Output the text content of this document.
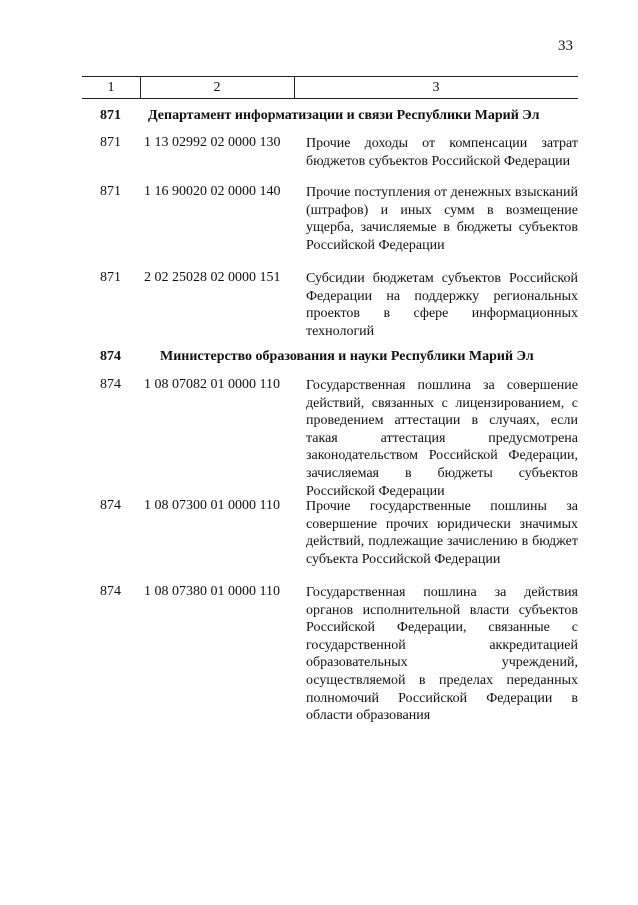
33
1	2	3
871 Департамент информатизации и связи Республики Марий Эл
871 1 13 02992 02 0000 130 Прочие доходы от компенсации затрат бюджетов субъектов Российской Федерации
871 1 16 90020 02 0000 140 Прочие поступления от денежных взысканий (штрафов) и иных сумм в возмещение ущерба, зачисляемые в бюджеты субъектов Российской Федерации
871 2 02 25028 02 0000 151 Субсидии бюджетам субъектов Российской Федерации на поддержку региональных проектов в сфере информационных технологий
874	Министерство образования и науки Республики Марий Эл
874 1 08 07082 01 0000 110 Государственная пошлина за совершение действий, связанных с лицензированием, с проведением аттестации в случаях, если такая аттестация предусмотрена законодательством Российской Федерации, зачисляемая в бюджеты субъектов Российской Федерации
874 1 08 07300 01 0000 110 Прочие государственные пошлины за совершение прочих юридически значимых действий, подлежащие зачислению в бюджет субъекта Российской Федерации
874 1 08 07380 01 0000 110 Государственная пошлина за действия органов исполнительной власти субъектов Российской Федерации, связанные с государственной аккредитацией образовательных учреждений, осуществляемой в пределах переданных полномочий Российской Федерации в области образования
